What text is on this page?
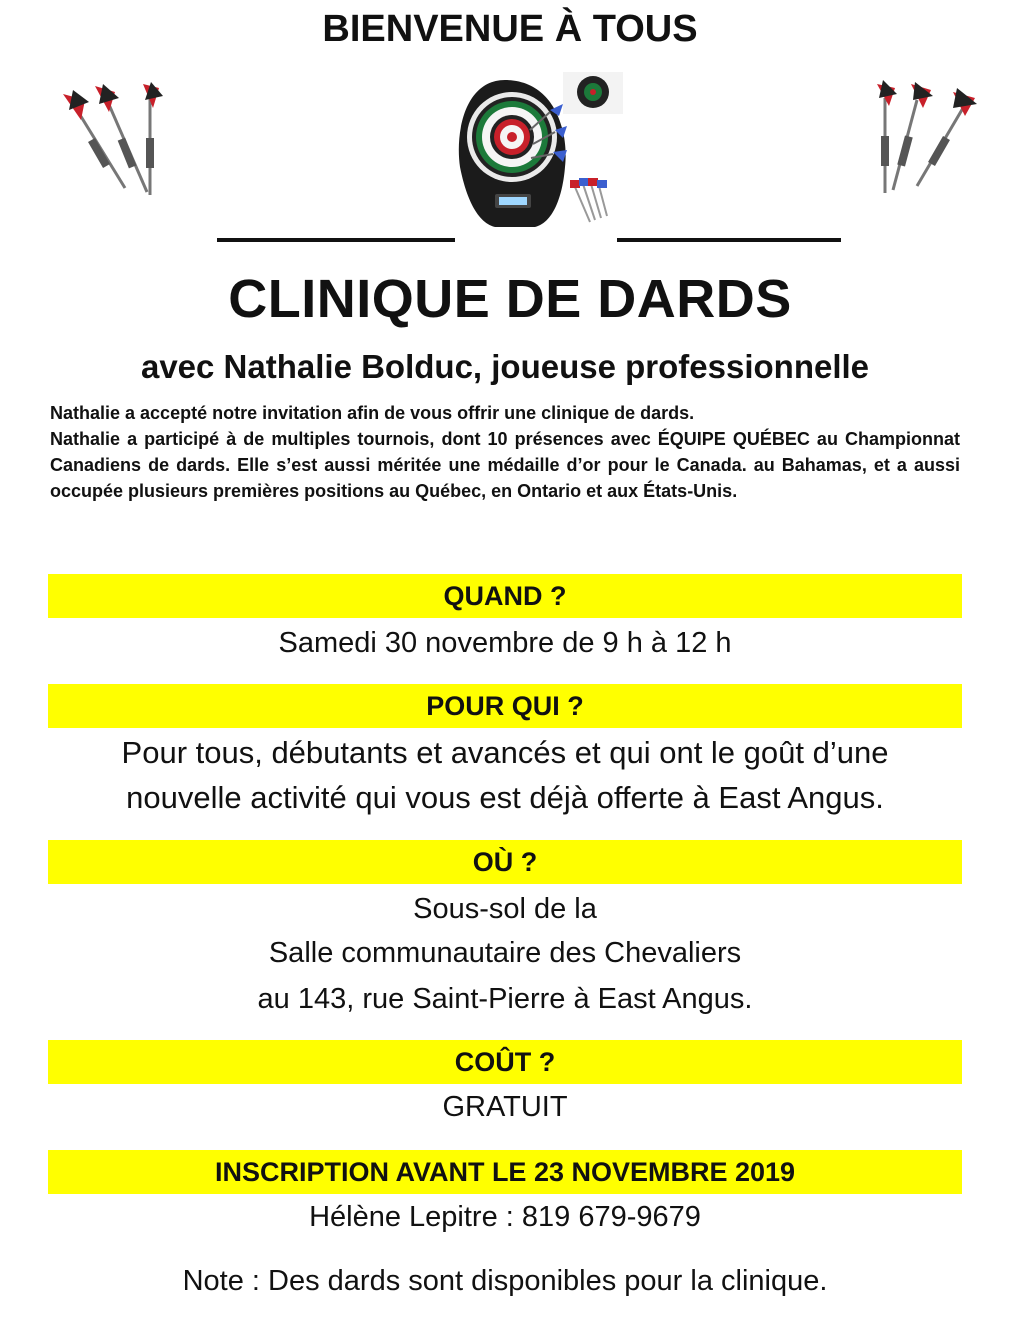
BIENVENUE À TOUS
CLINIQUE DE DARDS
avec Nathalie Bolduc, joueuse professionnelle

Nathalie a accepté notre invitation afin de vous offrir une clinique de dards.

Nathalie a participé à de multiples tournois, dont 10 présences avec ÉQUIPE QUÉBEC au Championnat Canadiens de dards. Elle s’est aussi méritée une médaille d’or pour le Canada. au Bahamas, et a aussi occupée plusieurs premières positions au Québec, en Ontario et aux États-Unis.

QUAND ?
Samedi 30 novembre de 9 h à 12 h
POUR QUI ?
Pour tous, débutants et avancés et qui ont le goût d’une
nouvelle activité qui vous est déjà offerte à East Angus.
OÙ ?
Sous-sol de la
Salle communautaire des Chevaliers
au 143, rue Saint-Pierre à East Angus.
COÛT ?
GRATUIT
INSCRIPTION AVANT LE 23 NOVEMBRE 2019
Hélène Lepitre : 819 679-9679
Note : Des dards sont disponibles pour la clinique.
